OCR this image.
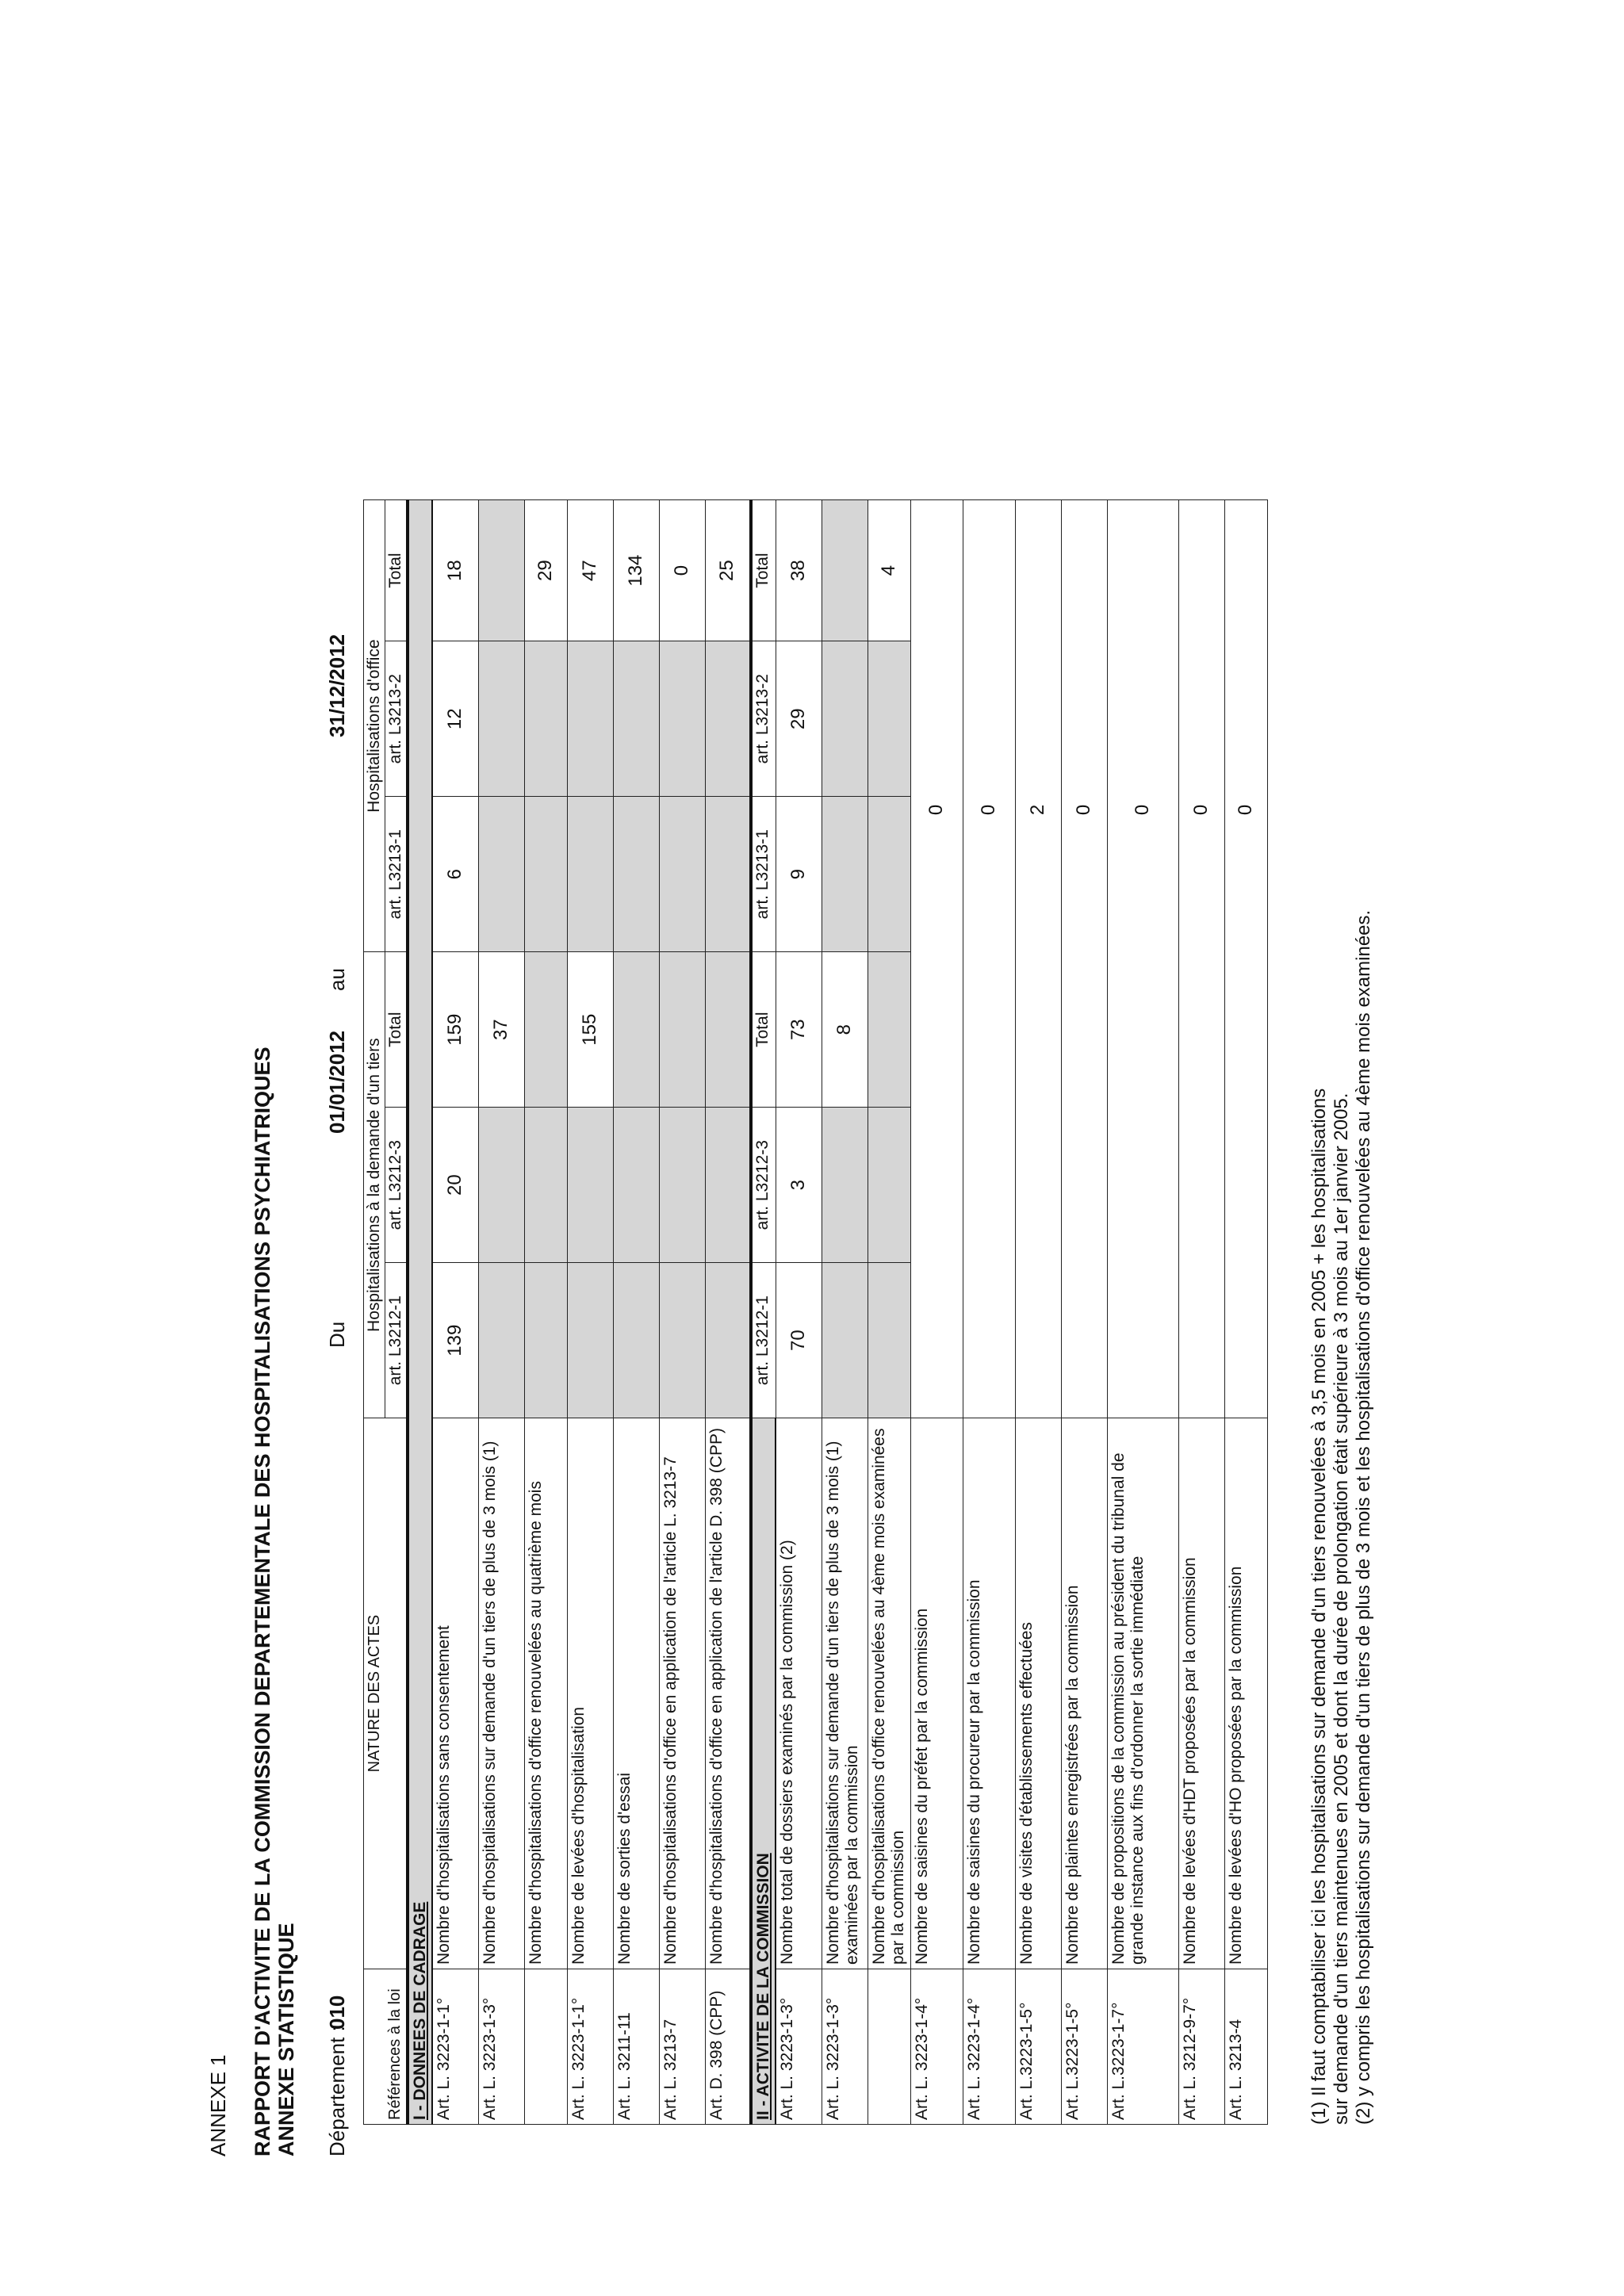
ANNEXE 1 RAPPORT D'ACTIVITE DE LA COMMISSION DEPARTEMENTALE DES HOSPITALISATIONS PSYCHIATRIQUES ANNEXE STATISTIQUE Département :
010
Du
01/01/2012
au
31/12/2012
Références à la loi	NATURE DES ACTES	Hospitalisations à la demande d'un tiers			Hospitalisations d'office		
		art. L3212-1	art. L3212-3	Total	art. L3213-1	art. L3213-2	Total
I - DONNEES DE CADRAGE							
Art. L. 3223-1-1°	Nombre d'hospitalisations sans consentement	139	20	159	6	12	18
Art. L. 3223-1-3°	Nombre d'hospitalisations sur demande d'un tiers de plus de 3 mois (1)			37			
	Nombre d'hospitalisations d'office renouvelées au quatrième mois						29
Art. L. 3223-1-1°	Nombre de levées d'hospitalisation			155			47
Art. L. 3211-11	Nombre de sorties d'essai						134
Art. L. 3213-7	Nombre d'hospitalisations d'office en application de l'article L. 3213-7						0
Art. D. 398 (CPP)	Nombre d'hospitalisations d'office en application de l'article D. 398 (CPP)						25
II - ACTIVITE DE LA COMMISSION		art. L3212-1	art. L3212-3	Total	art. L3213-1	art. L3213-2	Total
Art. L. 3223-1-3°	Nombre total de dossiers examinés par la commission (2)	70	3	73	9	29	38
Art. L. 3223-1-3°	Nombre d'hospitalisations sur demande d'un tiers de plus de 3 mois (1) examinées par la commission			8			
	Nombre d'hospitalisations d'office renouvelées au 4ème mois examinées par la commission						4
Art. L. 3223-1-4°	Nombre de saisines du préfet par la commission	0					
Art. L. 3223-1-4°	Nombre de saisines du procureur par la commission	0					
Art. L.3223-1-5°	Nombre de visites d'établissements effectuées	2					
Art. L.3223-1-5°	Nombre de plaintes enregistrées par la commission	0					
Art. L.3223-1-7°	Nombre de propositions de la commission au président du tribunal de grande instance aux fins d'ordonner la sortie immédiate	0					
Art. L. 3212-9-7°	Nombre de levées d'HDT proposées par la commission	0					
Art. L. 3213-4	Nombre de levées d'HO proposées par la commission	0					
(1) Il faut comptabiliser ici les hospitalisations sur demande d'un tiers renouvelées à 3,5 mois en 2005 + les hospitalisations sur demande d'un tiers maintenues en 2005 et dont la durée de prolongation était supérieure à 3 mois au 1er janvier 2005. (2) y compris les hospitalisations sur demande d'un tiers de plus de 3 mois et les hospitalisations d'office renouvelées au 4ème mois examinées.
